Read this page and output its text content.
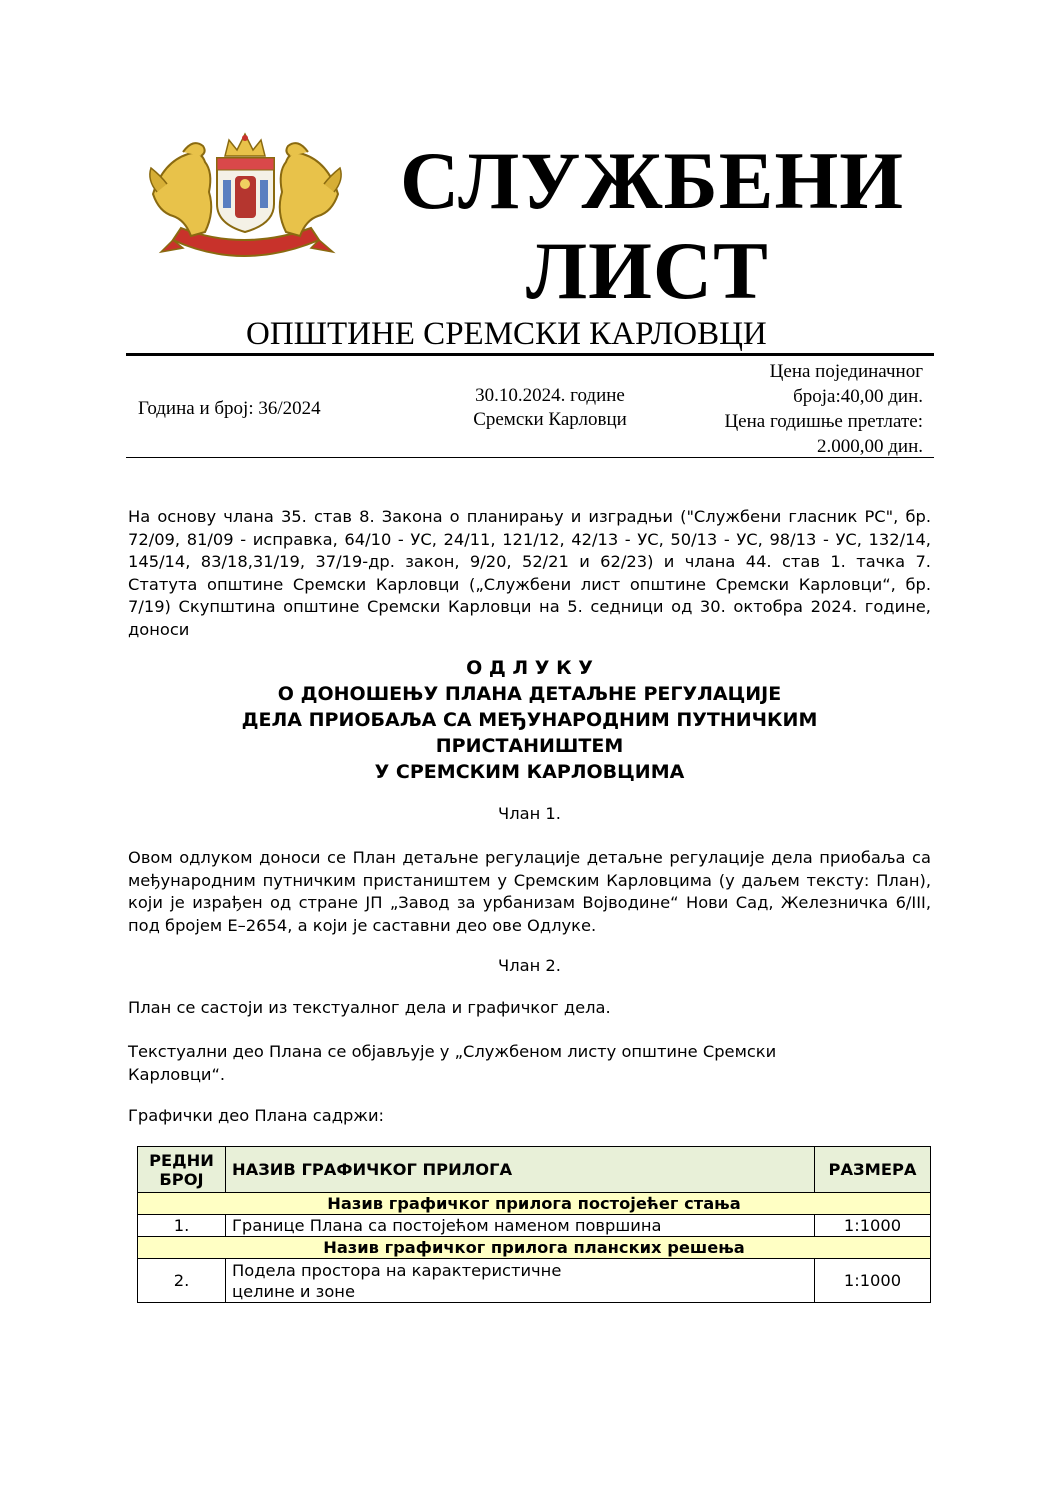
СЛУЖБЕНИ
ЛИСТ
ОПШТИНЕ СРЕМСКИ КАРЛОВЦИ
Година и број: 36/2024
30.10.2024. године
Сремски Карловци
Цена појединачног
броја:40,00 дин.
Цена годишње претлате:
2.000,00 дин.
На основу члана 35. став 8. Закона о планирању и изградњи ("Службени гласник РС", бр. 72/09, 81/09 - исправка, 64/10 - УС, 24/11, 121/12, 42/13 - УС, 50/13 - УС, 98/13 - УС, 132/14, 145/14, 83/18,31/19, 37/19-др. закон, 9/20, 52/21 и 62/23) и члана 44. став 1. тачка 7. Статута општине Сремски Карловци („Службени лист општине Сремски Карловци“, бр. 7/19) Скупштина општине Сремски Карловци на 5. седници од 30. октобра 2024. године, доноси
О Д Л У К У
О ДОНОШЕЊУ ПЛАНА ДЕТАЉНЕ РЕГУЛАЦИЈЕ
ДЕЛА ПРИОБАЉА СА МЕЂУНАРОДНИМ ПУТНИЧКИМ
ПРИСТАНИШТЕМ
У СРЕМСКИМ КАРЛОВЦИМА
Члан 1.
Овом одлуком доноси се План детаљне регулације детаљне регулације дела приобаља са међународним путничким пристаништем у Сремским Карловцима (у даљем тексту: План), који је израђен од стране ЈП „Завод за урбанизам Војводине“ Нови Сад, Железничка 6/III, под бројем Е–2654, а који је саставни део ове Одлуке.
Члан 2.
План се састоји из текстуалног дела и графичког дела.
Текстуални део Плана се објављује у „Службеном листу општине Сремски Карловци“.
Графички део Плана садржи:
РЕДНИ БРОЈ	НАЗИВ ГРАФИЧКОГ ПРИЛОГА	РАЗМЕРА
Назив графичког прилога постојећег стања		
1.	Границе Плана са постојећом наменом површина	1:1000
Назив графичког прилога планских решења		
2.	Подела простора на карактеристичне целине и зоне	1:1000
